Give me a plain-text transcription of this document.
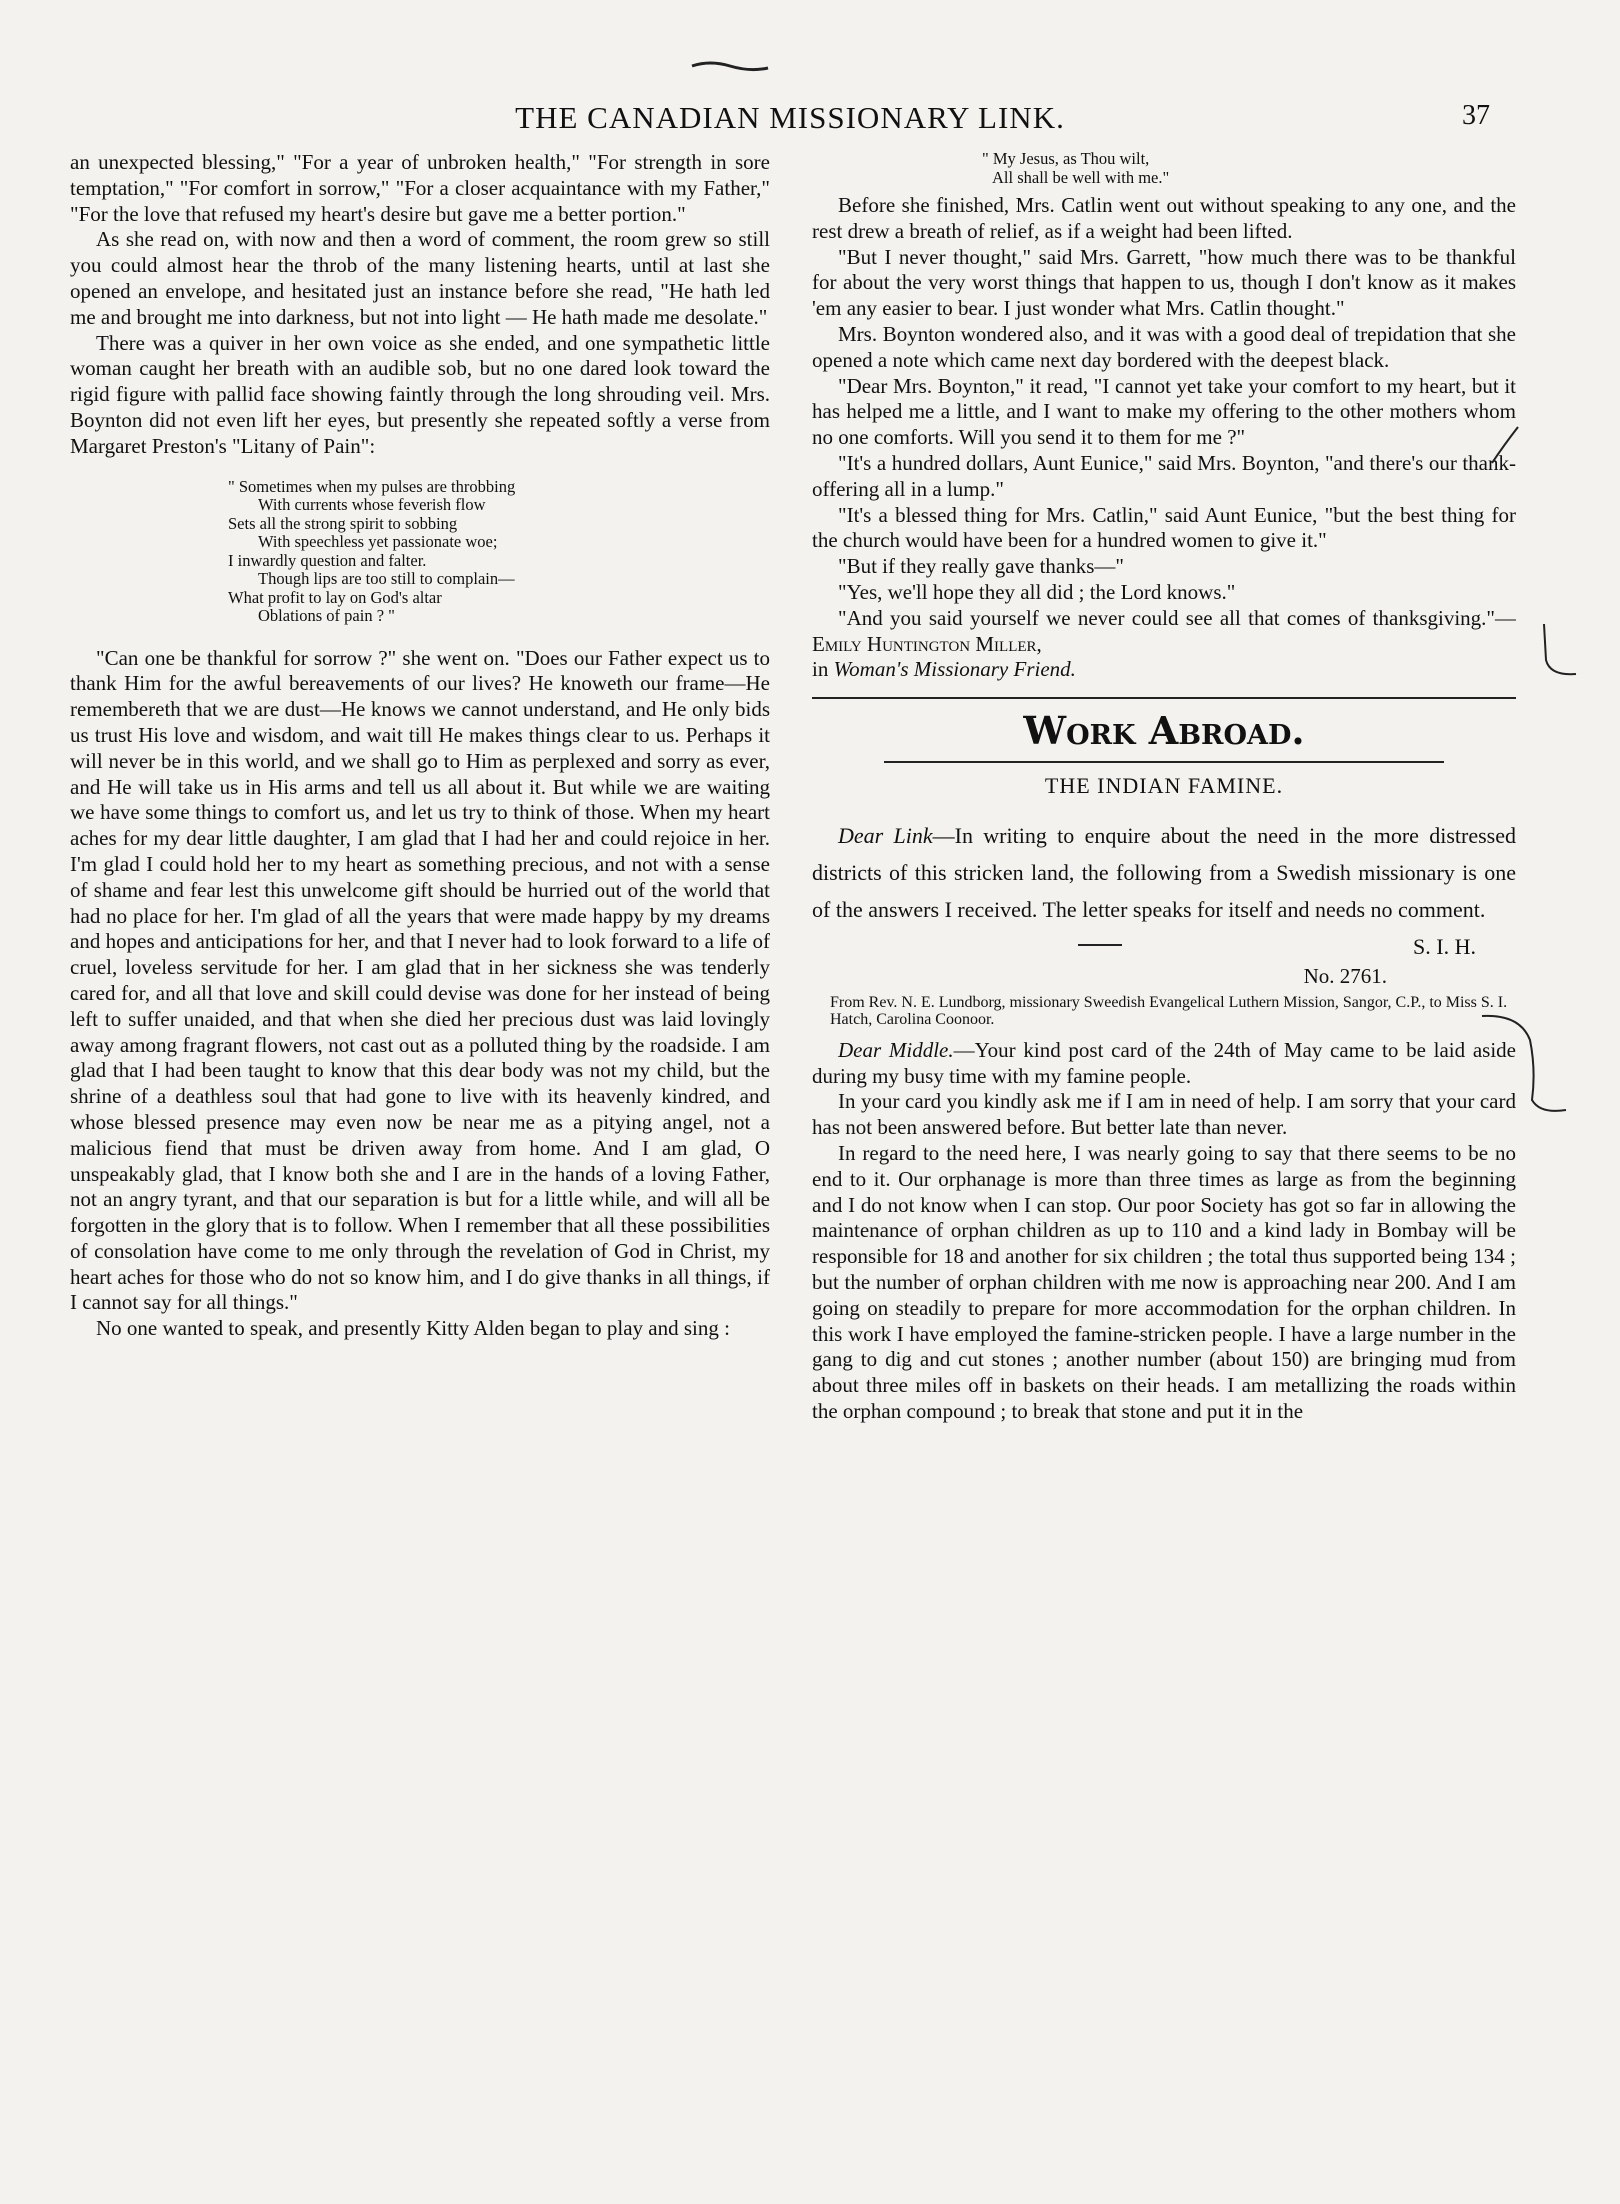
THE CANADIAN MISSIONARY LINK.	37

an unexpected blessing," "For a year of unbroken health," "For strength in sore temptation," "For comfort in sorrow," "For a closer acquaintance with my Father," "For the love that refused my heart's desire but gave me a better portion."

As she read on, with now and then a word of comment, the room grew so still you could almost hear the throb of the many listening hearts, until at last she opened an envelope, and hesitated just an instance before she read, "He hath led me and brought me into darkness, but not into light — He hath made me desolate."

There was a quiver in her own voice as she ended, and one sympathetic little woman caught her breath with an audible sob, but no one dared look toward the rigid figure with pallid face showing faintly through the long shrouding veil. Mrs. Boynton did not even lift her eyes, but presently she repeated softly a verse from Margaret Preston's "Litany of Pain":

" Sometimes when my pulses are throbbing
With currents whose feverish flow
Sets all the strong spirit to sobbing
With speechless yet passionate woe;
I inwardly question and falter.
Though lips are too still to complain—
What profit to lay on God's altar
Oblations of pain ? "

"Can one be thankful for sorrow ?" she went on. "Does our Father expect us to thank Him for the awful bereavements of our lives? He knoweth our frame—He remembereth that we are dust—He knows we cannot understand, and He only bids us trust His love and wisdom, and wait till He makes things clear to us. Perhaps it will never be in this world, and we shall go to Him as perplexed and sorry as ever, and He will take us in His arms and tell us all about it. But while we are waiting we have some things to comfort us, and let us try to think of those. When my heart aches for my dear little daughter, I am glad that I had her and could rejoice in her. I'm glad I could hold her to my heart as something precious, and not with a sense of shame and fear lest this unwelcome gift should be hurried out of the world that had no place for her. I'm glad of all the years that were made happy by my dreams and hopes and anticipations for her, and that I never had to look forward to a life of cruel, loveless servitude for her. I am glad that in her sickness she was tenderly cared for, and all that love and skill could devise was done for her instead of being left to suffer unaided, and that when she died her precious dust was laid lovingly away among fragrant flowers, not cast out as a polluted thing by the roadside. I am glad that I had been taught to know that this dear body was not my child, but the shrine of a deathless soul that had gone to live with its heavenly kindred, and whose blessed presence may even now be near me as a pitying angel, not a malicious fiend that must be driven away from home. And I am glad, O unspeakably glad, that I know both she and I are in the hands of a loving Father, not an angry tyrant, and that our separation is but for a little while, and will all be forgotten in the glory that is to follow. When I remember that all these possibilities of consolation have come to me only through the revelation of God in Christ, my heart aches for those who do not so know him, and I do give thanks in all things, if I cannot say for all things."

No one wanted to speak, and presently Kitty Alden began to play and sing :

" My Jesus, as Thou wilt,
All shall be well with me."

Before she finished, Mrs. Catlin went out without speaking to any one, and the rest drew a breath of relief, as if a weight had been lifted.

"But I never thought," said Mrs. Garrett, "how much there was to be thankful for about the very worst things that happen to us, though I don't know as it makes 'em any easier to bear. I just wonder what Mrs. Catlin thought."

Mrs. Boynton wondered also, and it was with a good deal of trepidation that she opened a note which came next day bordered with the deepest black.

"Dear Mrs. Boynton," it read, "I cannot yet take your comfort to my heart, but it has helped me a little, and I want to make my offering to the other mothers whom no one comforts. Will you send it to them for me ?"

"It's a hundred dollars, Aunt Eunice," said Mrs. Boynton, "and there's our thank-offering all in a lump."

"It's a blessed thing for Mrs. Catlin," said Aunt Eunice, "but the best thing for the church would have been for a hundred women to give it."

"But if they really gave thanks—"

"Yes, we'll hope they all did ; the Lord knows."

"And you said yourself we never could see all that comes of thanksgiving."—Emily Huntington Miller,

in Woman's Missionary Friend.

Work Abroad.
THE INDIAN FAMINE.

Dear Link—In writing to enquire about the need in the more distressed districts of this stricken land, the following from a Swedish missionary is one of the answers I received. The letter speaks for itself and needs no comment.
S. I. H.

No. 2761.
From Rev. N. E. Lundborg, missionary Sweedish Evangelical Luthern Mission, Sangor, C.P., to Miss S. I. Hatch, Carolina Coonoor.

Dear Middle.—Your kind post card of the 24th of May came to be laid aside during my busy time with my famine people.

In your card you kindly ask me if I am in need of help. I am sorry that your card has not been answered before. But better late than never.

In regard to the need here, I was nearly going to say that there seems to be no end to it. Our orphanage is more than three times as large as from the beginning and I do not know when I can stop. Our poor Society has got so far in allowing the maintenance of orphan children as up to 110 and a kind lady in Bombay will be responsible for 18 and another for six children ; the total thus supported being 134 ; but the number of orphan children with me now is approaching near 200. And I am going on steadily to prepare for more accommodation for the orphan children. In this work I have employed the famine-stricken people. I have a large number in the gang to dig and cut stones ; another number (about 150) are bringing mud from about three miles off in baskets on their heads. I am metallizing the roads within the orphan compound ; to break that stone and put it in the
